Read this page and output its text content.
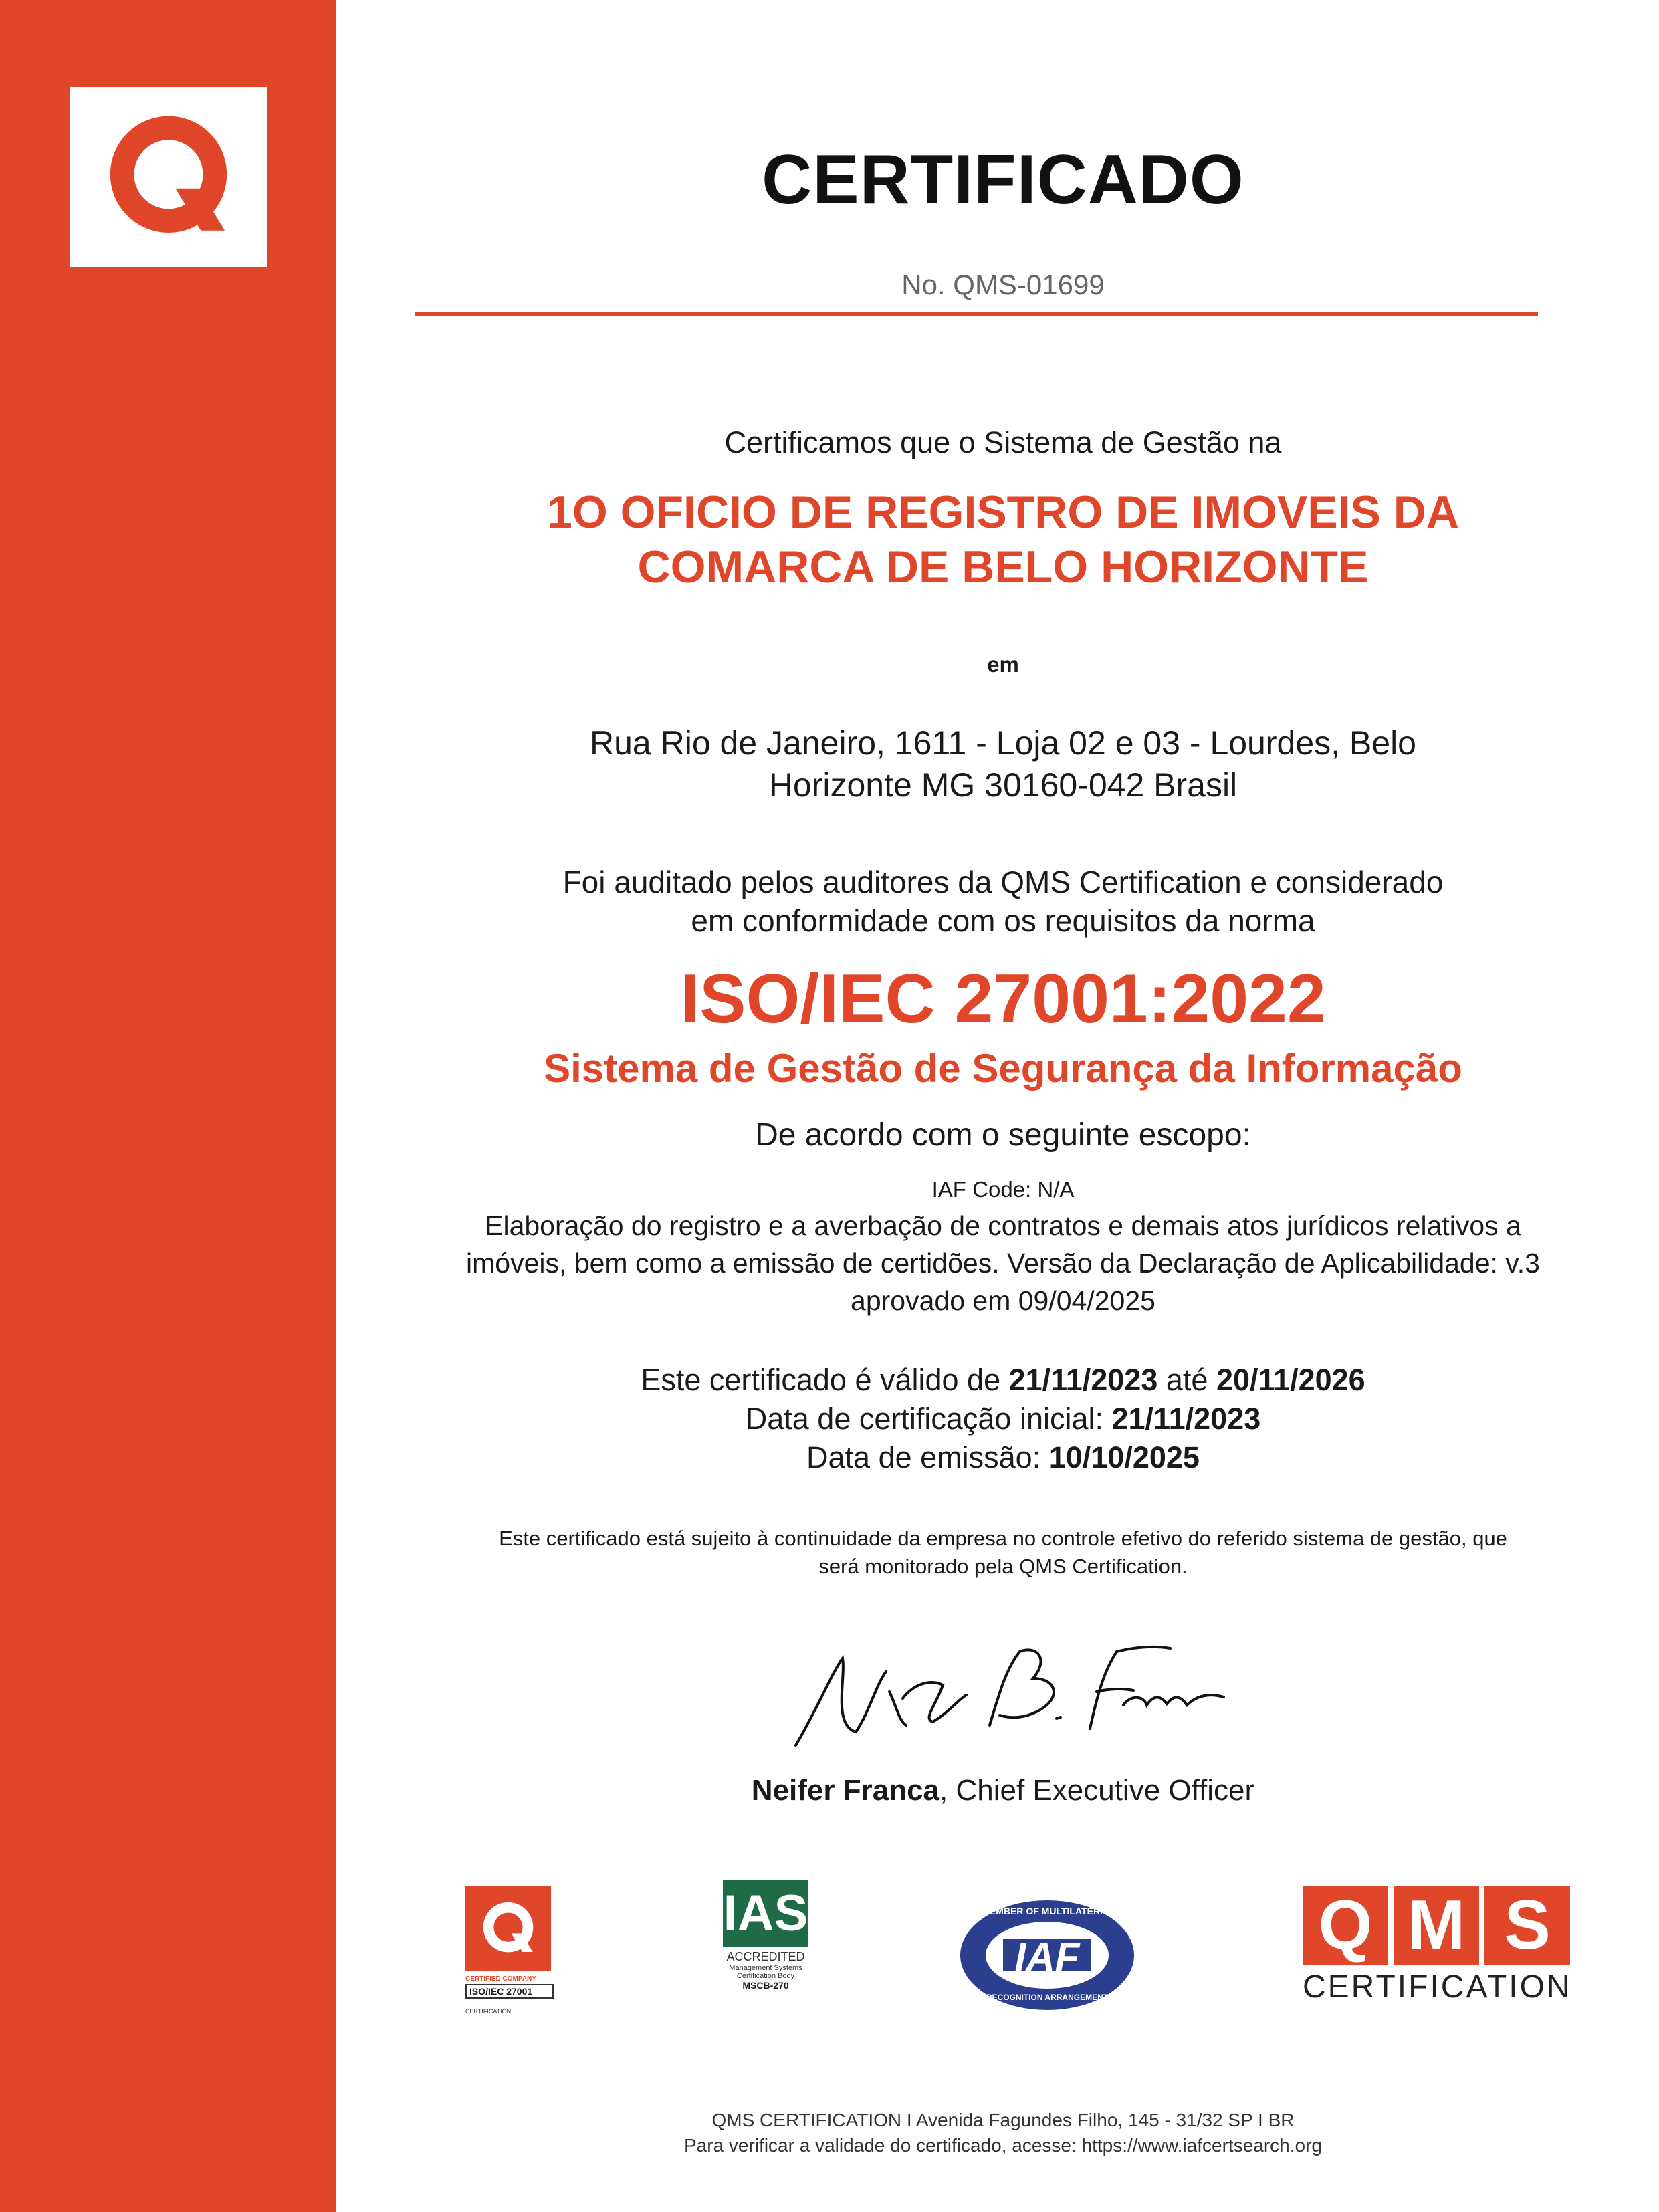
CERTIFICADO
No. QMS-01699
Certificamos que o Sistema de Gestão na
1O OFICIO DE REGISTRO DE IMOVEIS DA
COMARCA DE BELO HORIZONTE
em
Rua Rio de Janeiro, 1611 - Loja 02 e 03 - Lourdes, Belo
Horizonte MG 30160-042 Brasil
Foi auditado pelos auditores da QMS Certification e considerado
em conformidade com os requisitos da norma
ISO/IEC 27001:2022
Sistema de Gestão de Segurança da Informação
De acordo com o seguinte escopo:
IAF Code: N/A
Elaboração do registro e a averbação de contratos e demais atos jurídicos relativos a
imóveis, bem como a emissão de certidões. Versão da Declaração de Aplicabilidade: v.3
aprovado em 09/04/2025
Este certificado é válido de 21/11/2023 até 20/11/2026
Data de certificação inicial: 21/11/2023
Data de emissão: 10/10/2025
Este certificado está sujeito à continuidade da empresa no controle efetivo do referido sistema de gestão, que
será monitorado pela QMS Certification.
Neifer Franca, Chief Executive Officer
CERTIFIED COMPANY
ISO/IEC 27001
CERTIFICATION
IAS
ACCREDITED
Management Systems
Certification Body
MSCB-270
MEMBER OF MULTILATERAL
IAF
RECOGNITION ARRANGEMENT
Q M S
CERTIFICATION
QMS CERTIFICATION I Avenida Fagundes Filho, 145 - 31/32 SP I BR
Para verificar a validade do certificado, acesse: https://www.iafcertsearch.org
